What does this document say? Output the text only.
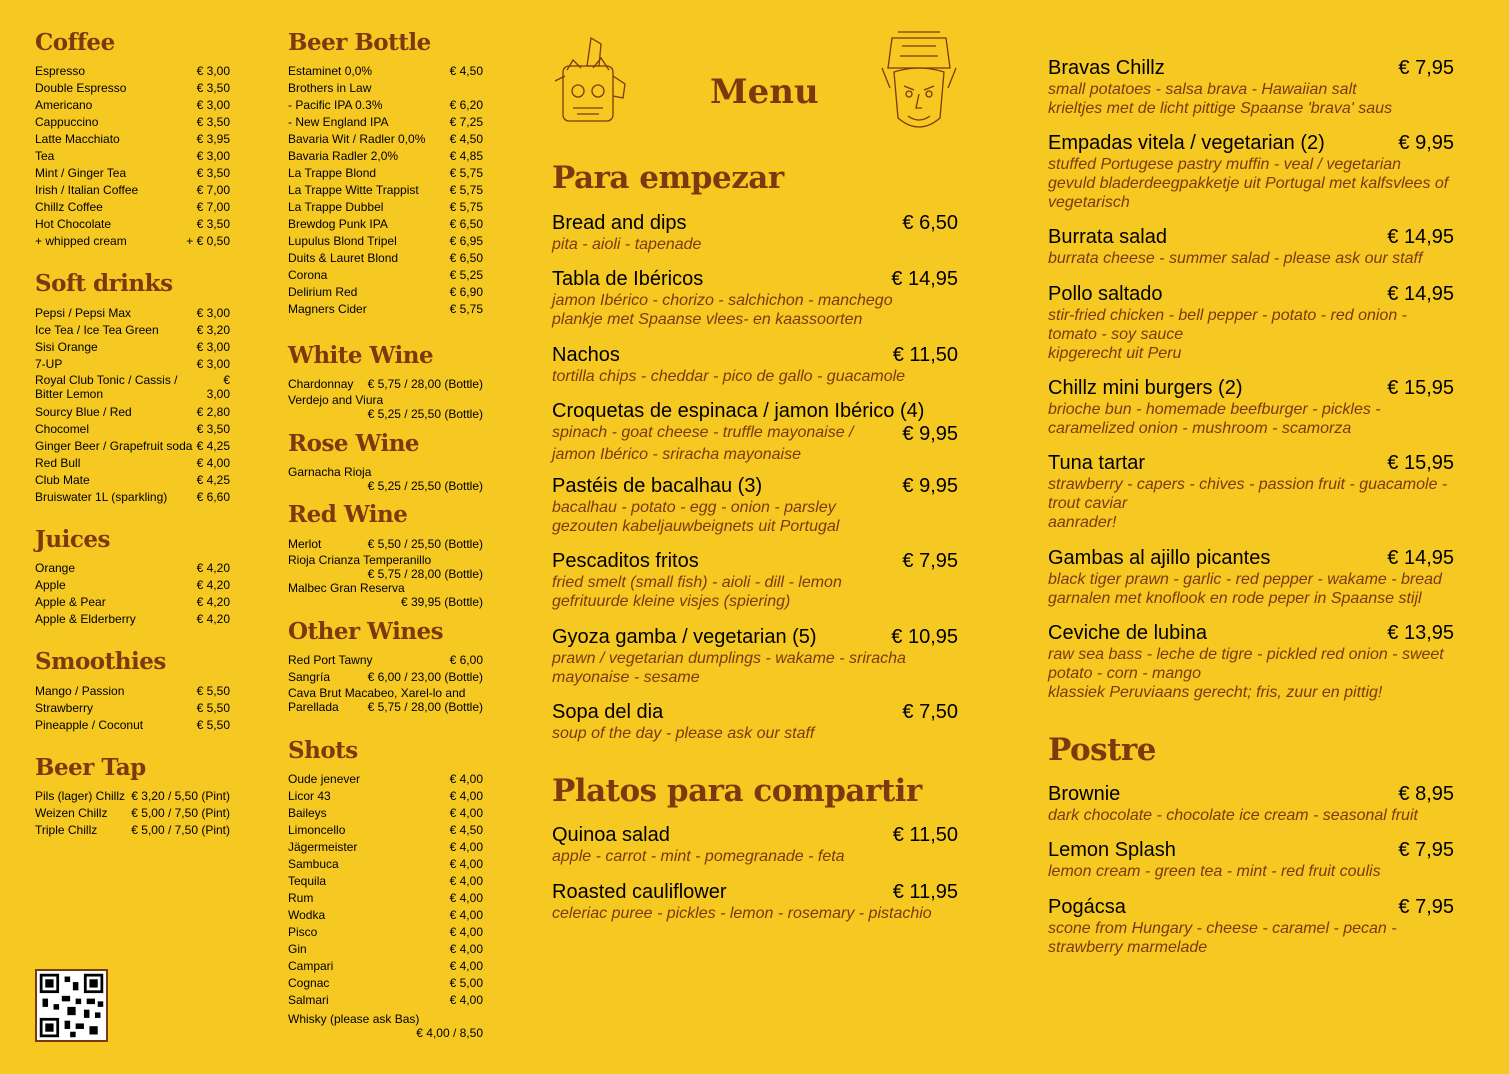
Coffee
Espresso	€ 3,00
Double Espresso	€ 3,50
Americano	€ 3,00
Cappuccino	€ 3,50
Latte Macchiato	€ 3,95
Tea	€ 3,00
Mint / Ginger Tea	€ 3,50
Irish / Italian Coffee	€ 7,00
Chillz Coffee	€ 7,00
Hot Chocolate	€ 3,50
+ whipped cream	+ € 0,50
Soft drinks
Pepsi / Pepsi Max	€ 3,00
Ice Tea / Ice Tea Green	€ 3,20
Sisi Orange	€ 3,00
7-UP	€ 3,00
Royal Club Tonic / Cassis / Bitter Lemon
€ 3,00
Sourcy Blue / Red	€ 2,80
Chocomel	€ 3,50
Ginger Beer / Grapefruit soda € 4,25
Red Bull	€ 4,00
Club Mate	€ 4,25
Bruiswater 1L (sparkling) € 6,60
Juices
Orange	€ 4,20
Apple	€ 4,20
Apple & Pear	€ 4,20
Apple & Elderberry	€ 4,20
Smoothies
Mango / Passion	€ 5,50
Strawberry	€ 5,50
Pineapple / Coconut	€ 5,50
Beer Tap
Pils (lager) Chillz € 3,20 / 5,50 (Pint)
Weizen Chillz € 5,00 / 7,50 (Pint)
Triple Chillz	€ 5,00 / 7,50 (Pint)
Beer Bottle
Estaminet 0,0%	€ 4,50
Brothers in Law
- Pacific IPA 0.3%	€ 6,20
- New England IPA	€ 7,25
Bavaria Wit / Radler 0,0% € 4,50
Bavaria Radler 2,0%	€ 4,85
La Trappe Blond	€ 5,75
La Trappe Witte Trappist	€ 5,75
La Trappe Dubbel	€ 5,75
Brewdog Punk IPA	€ 6,50
Lupulus Blond Tripel	€ 6,95
Duits & Lauret Blond	€ 6,50
Corona	€ 5,25
Delirium Red	€ 6,90
Magners Cider	€ 5,75
White Wine
Chardonnay € 5,75 / 28,00 (Bottle)
Verdejo and Viura
€ 5,25 / 25,50 (Bottle)
Rose Wine
Garnacha Rioja
€ 5,25 / 25,50 (Bottle)
Red Wine
Merlot	€ 5,50 / 25,50 (Bottle)
Rioja Crianza Temperanillo
€ 5,75 / 28,00 (Bottle)
Malbec Gran Reserva
€ 39,95 (Bottle)
Other Wines
Red Port Tawny	€ 6,00
Sangría	€ 6,00 / 23,00 (Bottle)
Cava Brut Macabeo, Xarel-lo and
Parellada € 5,75 / 28,00 (Bottle)
Shots
Oude jenever	€ 4,00
Licor 43	€ 4,00
Baileys	€ 4,00
Limoncello	€ 4,50
Jägermeister	€ 4,00
Sambuca	€ 4,00
Tequila	€ 4,00
Rum	€ 4,00
Wodka	€ 4,00
Pisco	€ 4,00
Gin	€ 4,00
Campari	€ 4,00
Cognac	€ 5,00
Salmari	€ 4,00
Whisky (please ask Bas)
€ 4,00 / 8,50
Menu
Para empezar
Bread and dips	€ 6,50
pita - aioli - tapenade
Tabla de Ibéricos	€ 14,95
jamon Ibérico - chorizo - salchichon - manchego
plankje met Spaanse vlees- en kaassoorten
Nachos	€ 11,50
tortilla chips - cheddar - pico de gallo - guacamole
Croquetas de espinaca / jamon Ibérico (4)
spinach - goat cheese - truffle mayonaise / € 9,95
jamon Ibérico - sriracha mayonaise
Pastéis de bacalhau (3)	€ 9,95
bacalhau - potato - egg - onion - parsley
gezouten kabeljauwbeignets uit Portugal
Pescaditos fritos	€ 7,95
fried smelt (small fish) - aioli - dill - lemon
gefrituurde kleine visjes (spiering)
Gyoza gamba / vegetarian (5)	€ 10,95
prawn / vegetarian dumplings - wakame - sriracha
mayonaise - sesame
Sopa del dia	€ 7,50
soup of the day - please ask our staff
Platos para compartir
Quinoa salad	€ 11,50
apple - carrot - mint - pomegranade - feta
Roasted cauliflower	€ 11,95
celeriac puree - pickles - lemon - rosemary - pistachio
Bravas Chillz	€ 7,95
small potatoes - salsa brava - Hawaiian salt
krieltjes met de licht pittige Spaanse 'brava' saus
Empadas vitela / vegetarian (2)	€ 9,95
stuffed Portugese pastry muffin - veal / vegetarian
gevuld bladerdeegpakketje uit Portugal met kalfsvlees of
vegetarisch
Burrata salad	€ 14,95
burrata cheese - summer salad - please ask our staff
Pollo saltado	€ 14,95
stir-fried chicken - bell pepper - potato - red onion -
tomato - soy sauce
kipgerecht uit Peru
Chillz mini burgers (2)	€ 15,95
brioche bun - homemade beefburger - pickles -
caramelized onion - mushroom - scamorza
Tuna tartar	€ 15,95
strawberry - capers - chives - passion fruit - guacamole -
trout caviar
aanrader!
Gambas al ajillo picantes	€ 14,95
black tiger prawn - garlic - red pepper - wakame - bread
garnalen met knoflook en rode peper in Spaanse stijl
Ceviche de lubina	€ 13,95
raw sea bass - leche de tigre - pickled red onion - sweet
potato - corn - mango
klassiek Peruviaans gerecht; fris, zuur en pittig!
Postre
Brownie	€ 8,95
dark chocolate - chocolate ice cream - seasonal fruit
Lemon Splash	€ 7,95
lemon cream - green tea - mint - red fruit coulis
Pogácsa	€ 7,95
scone from Hungary - cheese - caramel - pecan -
strawberry marmelade
